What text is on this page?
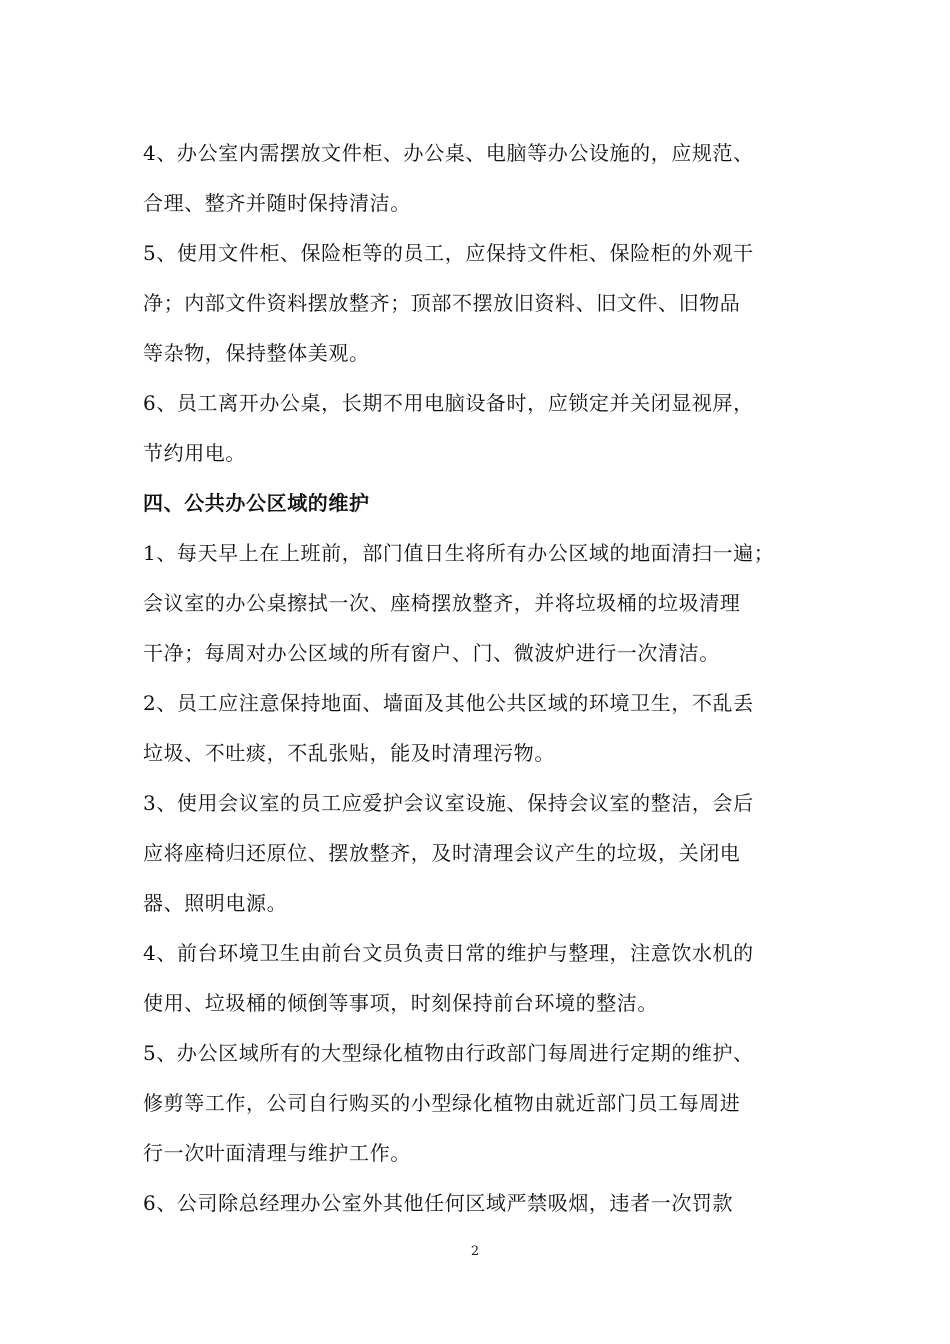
4、办公室内需摆放文件柜、办公桌、电脑等办公设施的，应规范、
合理、整齐并随时保持清洁。
5、使用文件柜、保险柜等的员工，应保持文件柜、保险柜的外观干
净；内部文件资料摆放整齐；顶部不摆放旧资料、旧文件、旧物品
等杂物，保持整体美观。
6、员工离开办公桌，长期不用电脑设备时，应锁定并关闭显视屏，
节约用电。
四、公共办公区域的维护
1、每天早上在上班前，部门值日生将所有办公区域的地面清扫一遍；
会议室的办公桌擦拭一次、座椅摆放整齐，并将垃圾桶的垃圾清理
干净；每周对办公区域的所有窗户、门、微波炉进行一次清洁。
2、员工应注意保持地面、墙面及其他公共区域的环境卫生，不乱丢
垃圾、不吐痰，不乱张贴，能及时清理污物。
3、使用会议室的员工应爱护会议室设施、保持会议室的整洁，会后
应将座椅归还原位、摆放整齐，及时清理会议产生的垃圾，关闭电
器、照明电源。
4、前台环境卫生由前台文员负责日常的维护与整理，注意饮水机的
使用、垃圾桶的倾倒等事项，时刻保持前台环境的整洁。
5、办公区域所有的大型绿化植物由行政部门每周进行定期的维护、
修剪等工作，公司自行购买的小型绿化植物由就近部门员工每周进
行一次叶面清理与维护工作。
6、公司除总经理办公室外其他任何区域严禁吸烟，违者一次罚款
2
